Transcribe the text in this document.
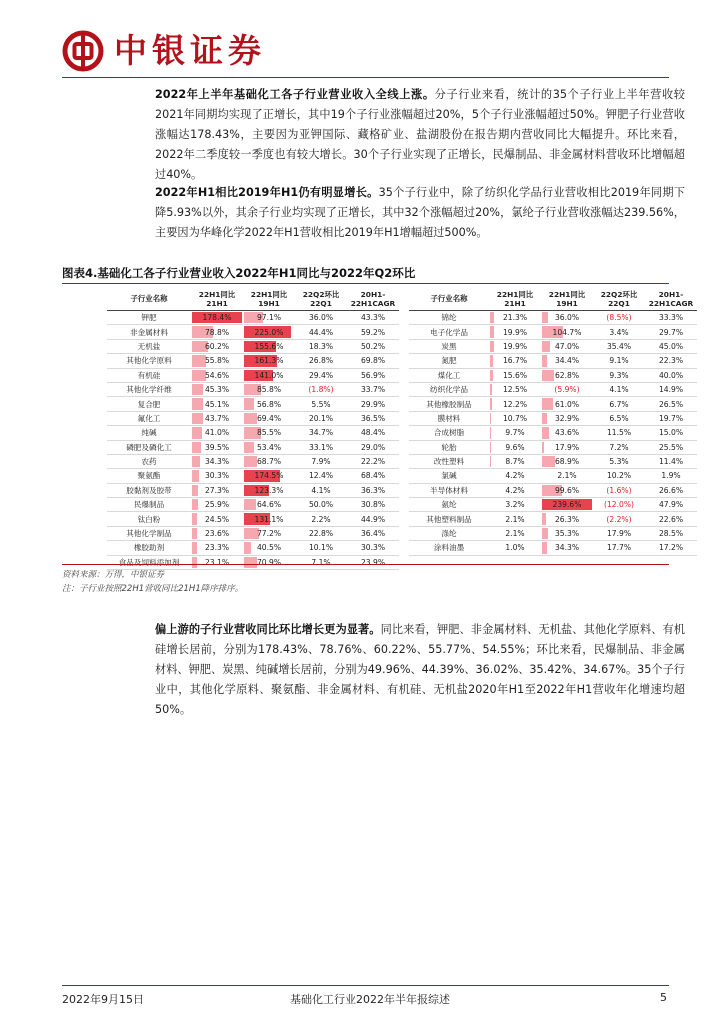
中银证券

2022年上半年基础化工各子行业营业收入全线上涨。分子行业来看，统计的35个子行业上半年营收较2021年同期均实现了正增长，其中19个子行业涨幅超过20%，5个子行业涨幅超过50%。钾肥子行业营收涨幅达178.43%，主要因为亚钾国际、藏格矿业、盐湖股份在报告期内营收同比大幅提升。环比来看，2022年二季度较一季度也有较大增长。30个子行业实现了正增长，民爆制品、非金属材料营收环比增幅超过40%。

2022年H1相比2019年H1仍有明显增长。35个子行业中，除了纺织化学品行业营收相比2019年同期下降5.93%以外，其余子行业均实现了正增长，其中32个涨幅超过20%，氯纶子行业营收涨幅达239.56%，主要因为华峰化学2022年H1营收相比2019年H1增幅超过500%。

图表4.基础化工各子行业营业收入2022年H1同比与2022年Q2环比
子行业名称	22H1同比21H1	22H1同比19H1	22Q2环比22Q1	20H1-22H1CAGR		子行业名称	22H1同比21H1	22H1同比19H1	22Q2环比22Q1	20H1-22H1CAGR
钾肥	178.4%	97.1%	36.0%	43.3%		锦纶	21.3%	36.0%	(8.5%)	33.3%
非金属材料	78.8%	225.0%	44.4%	59.2%		电子化学品	19.9%	104.7%	3.4%	29.7%
无机盐	60.2%	155.6%	18.3%	50.2%		炭黑	19.9%	47.0%	35.4%	45.0%
其他化学原料	55.8%	161.3%	26.8%	69.8%		氮肥	16.7%	34.4%	9.1%	22.3%
有机硅	54.6%	141.0%	29.4%	56.9%		煤化工	15.6%	62.8%	9.3%	40.0%
其他化学纤维	45.3%	85.8%	(1.8%)	33.7%		纺织化学品	12.5%	(5.9%)	4.1%	14.9%
复合肥	45.1%	56.8%	5.5%	29.9%		其他橡胶制品	12.2%	61.0%	6.7%	26.5%
氟化工	43.7%	69.4%	20.1%	36.5%		膜材料	10.7%	32.9%	6.5%	19.7%
纯碱	41.0%	85.5%	34.7%	48.4%		合成树脂	9.7%	43.6%	11.5%	15.0%
磷肥及磷化工	39.5%	53.4%	33.1%	29.0%		轮胎	9.6%	17.9%	7.2%	25.5%
农药	34.3%	68.7%	7.9%	22.2%		改性塑料	8.7%	68.9%	5.3%	11.4%
聚氨酯	30.3%	174.5%	12.4%	68.4%		氯碱	4.2%	2.1%	10.2%	1.9%
胶黏剂及胶带	27.3%	123.3%	4.1%	36.3%		半导体材料	4.2%	99.6%	(1.6%)	26.6%
民爆制品	25.9%	64.6%	50.0%	30.8%		氨纶	3.2%	239.6%	(12.0%)	47.9%
钛白粉	24.5%	131.1%	2.2%	44.9%		其他塑料制品	2.1%	26.3%	(2.2%)	22.6%
其他化学制品	23.6%	77.2%	22.8%	36.4%		涤纶	2.1%	35.3%	17.9%	28.5%
橡胶助剂	23.3%	40.5%	10.1%	30.3%		涂料油墨	1.0%	34.3%	17.7%	17.2%
食品及饲料添加剂	23.1%	70.9%	7.1%	23.9%						
资料来源：万得，中银证券
注：子行业按照22H1营收同比21H1降序排序。

偏上游的子行业营收同比环比增长更为显著。同比来看，钾肥、非金属材料、无机盐、其他化学原料、有机硅增长居前，分别为178.43%、78.76%、60.22%、55.77%、54.55%；环比来看，民爆制品、非金属材料、钾肥、炭黑、纯碱增长居前，分别为49.96%、44.39%、36.02%、35.42%、34.67%。35个子行业中，其他化学原料、聚氨酯、非金属材料、有机硅、无机盐2020年H1至2022年H1营收年化增速均超50%。

2022年9月15日	基础化工行业2022年半年报综述	5
